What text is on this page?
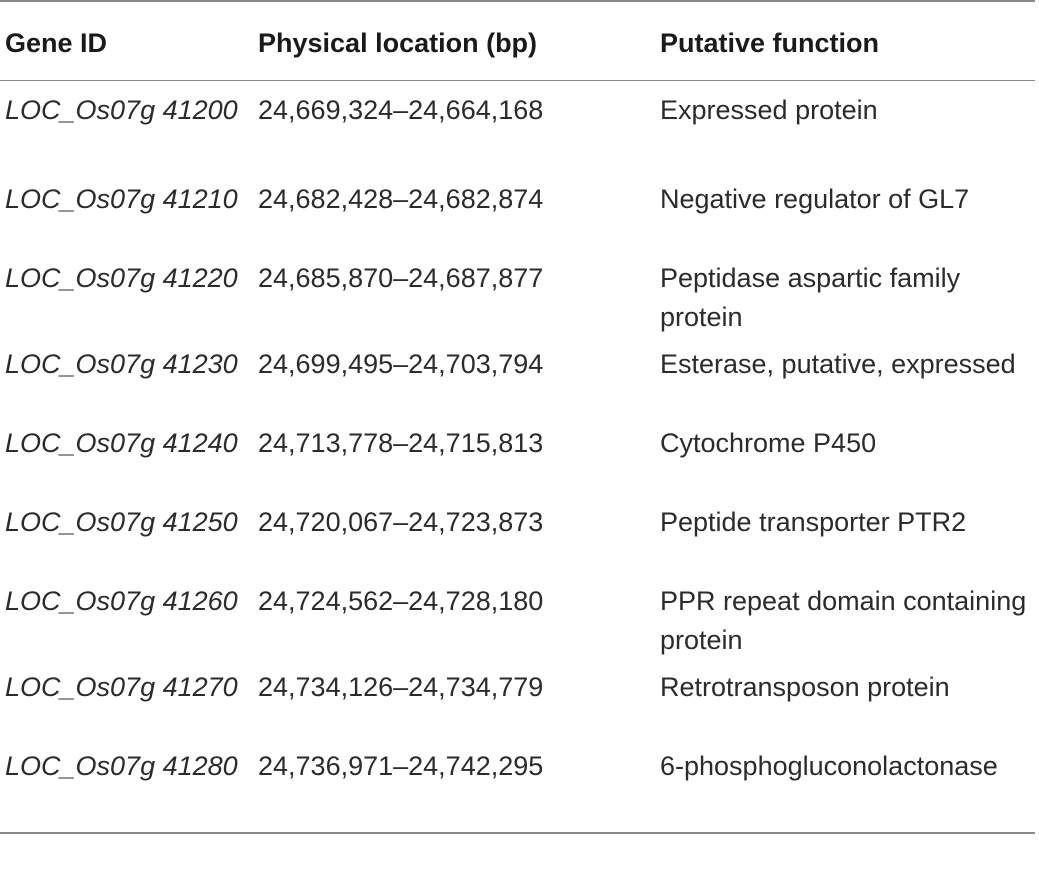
Gene ID	Physical location (bp)	Putative function
LOC_Os07g 41200	24,669,324–24,664,168	Expressed protein
LOC_Os07g 41210	24,682,428–24,682,874	Negative regulator of GL7
LOC_Os07g 41220	24,685,870–24,687,877	Peptidase aspartic family protein
LOC_Os07g 41230	24,699,495–24,703,794	Esterase, putative, expressed
LOC_Os07g 41240	24,713,778–24,715,813	Cytochrome P450
LOC_Os07g 41250	24,720,067–24,723,873	Peptide transporter PTR2
LOC_Os07g 41260	24,724,562–24,728,180	PPR repeat domain containing protein
LOC_Os07g 41270	24,734,126–24,734,779	Retrotransposon protein
LOC_Os07g 41280	24,736,971–24,742,295	6-phosphogluconolactonase
